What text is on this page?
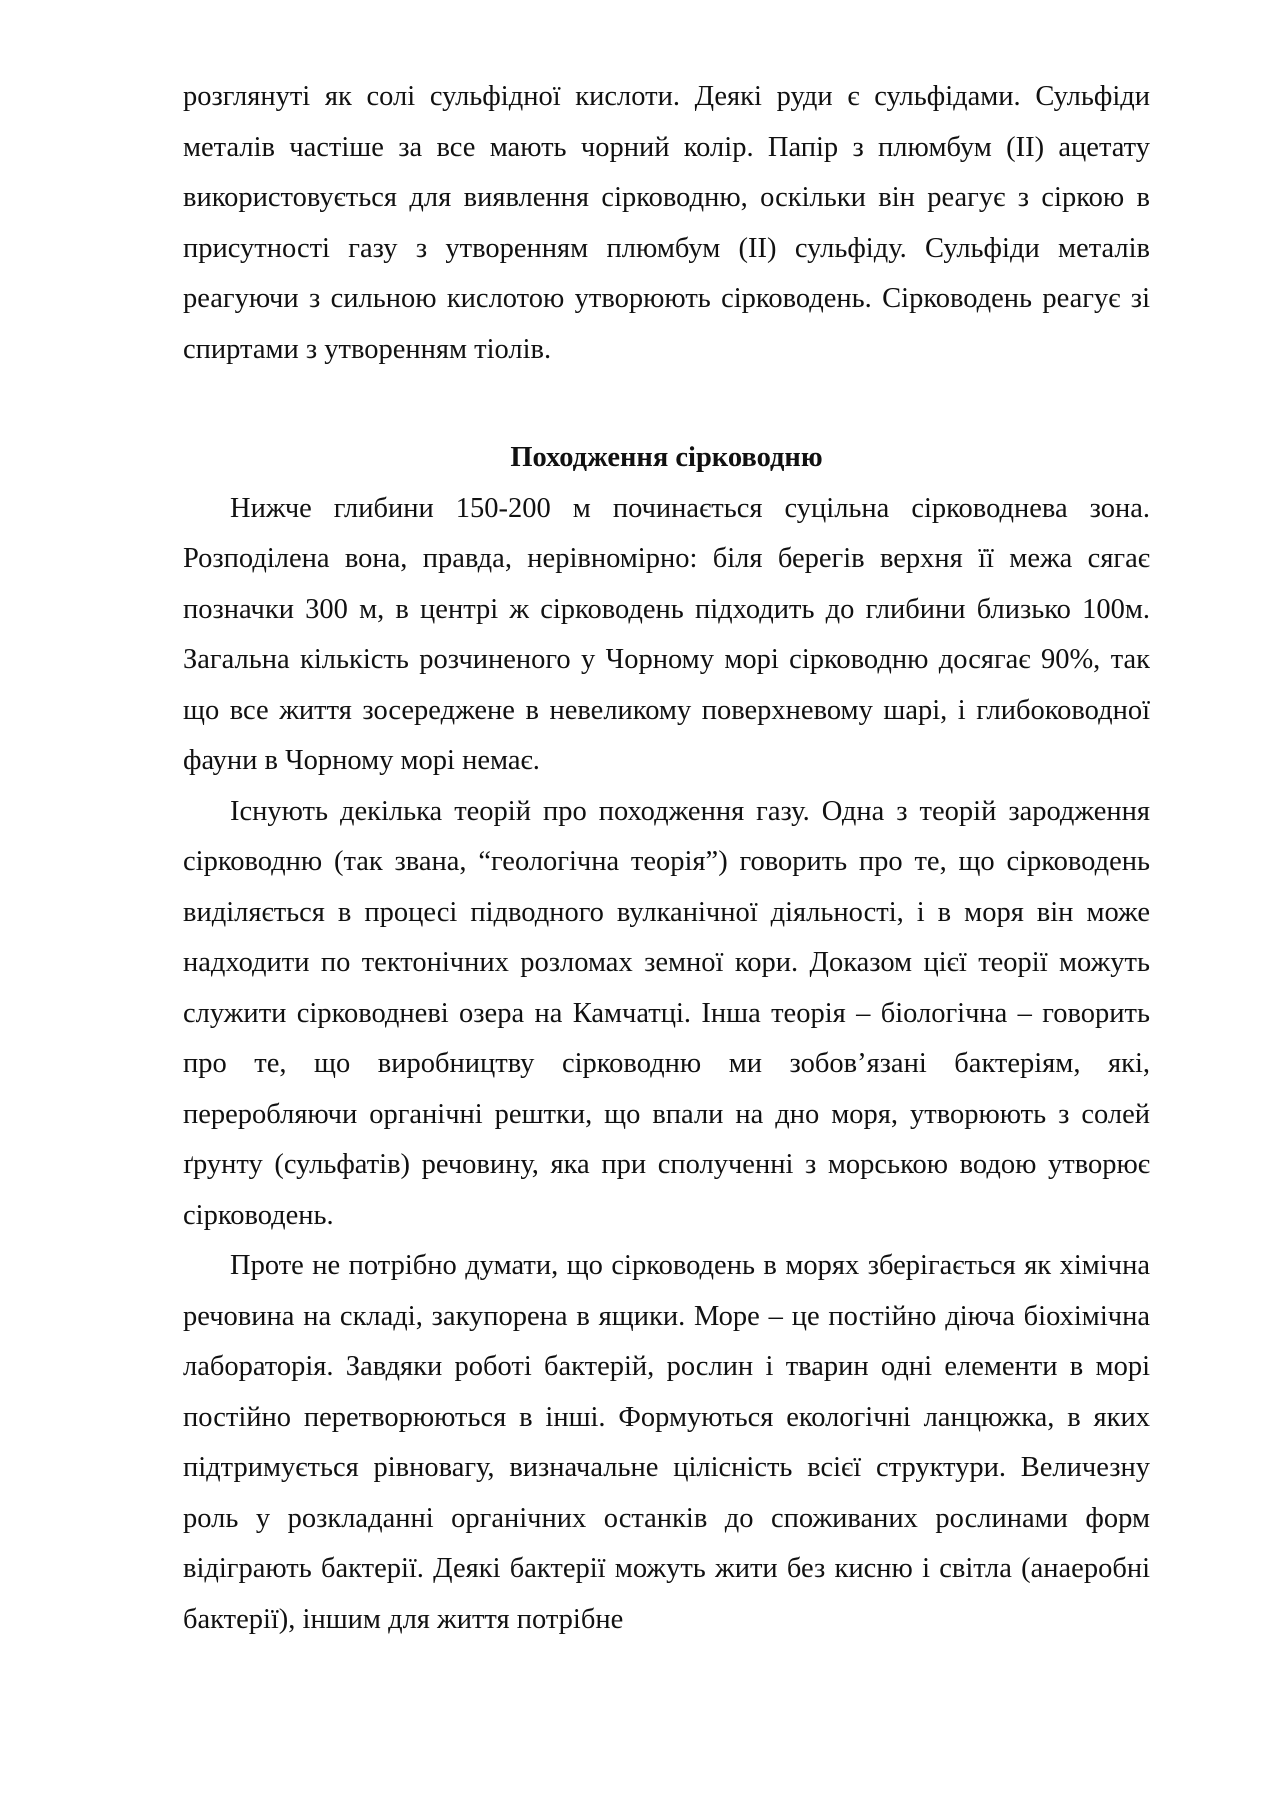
розглянуті як солі сульфідної кислоти. Деякі руди є сульфідами. Сульфіди металів частіше за все мають чорний колір. Папір з плюмбум (II) ацетату використовується для виявлення сірководню, оскільки він реагує з сіркою в присутності газу з утворенням плюмбум (II) сульфіду. Сульфіди металів реагуючи з сильною кислотою утворюють сірководень. Сірководень реагує зі спиртами з утворенням тіолів.

Походження сірководню

Нижче глибини 150-200 м починається суцільна сірководнева зона. Розподілена вона, правда, нерівномірно: біля берегів верхня її межа сягає позначки 300 м, в центрі ж сірководень підходить до глибини близько 100м. Загальна кількість розчиненого у Чорному морі сірководню досягає 90%, так що все життя зосереджене в невеликому поверхневому шарі, і глибоководної фауни в Чорному морі немає.

Існують декілька теорій про походження газу. Одна з теорій зародження сірководню (так звана, “геологічна теорія”) говорить про те, що сірководень виділяється в процесі підводного вулканічної діяльності, і в моря він може надходити по тектонічних розломах земної кори. Доказом цієї теорії можуть служити сірководневі озера на Камчатці. Інша теорія – біологічна – говорить про те, що виробництву сірководню ми зобов’язані бактеріям, які, переробляючи органічні рештки, що впали на дно моря, утворюють з солей ґрунту (сульфатів) речовину, яка при сполученні з морською водою утворює сірководень.

Проте не потрібно думати, що сірководень в морях зберігається як хімічна речовина на складі, закупорена в ящики. Море – це постійно діюча біохімічна лабораторія. Завдяки роботі бактерій, рослин і тварин одні елементи в морі постійно перетворюються в інші. Формуються екологічні ланцюжка, в яких підтримується рівновагу, визначальне цілісність всієї структури. Величезну роль у розкладанні органічних останків до споживаних рослинами форм відіграють бактерії. Деякі бактерії можуть жити без кисню і світла (анаеробні бактерії), іншим для життя потрібне
